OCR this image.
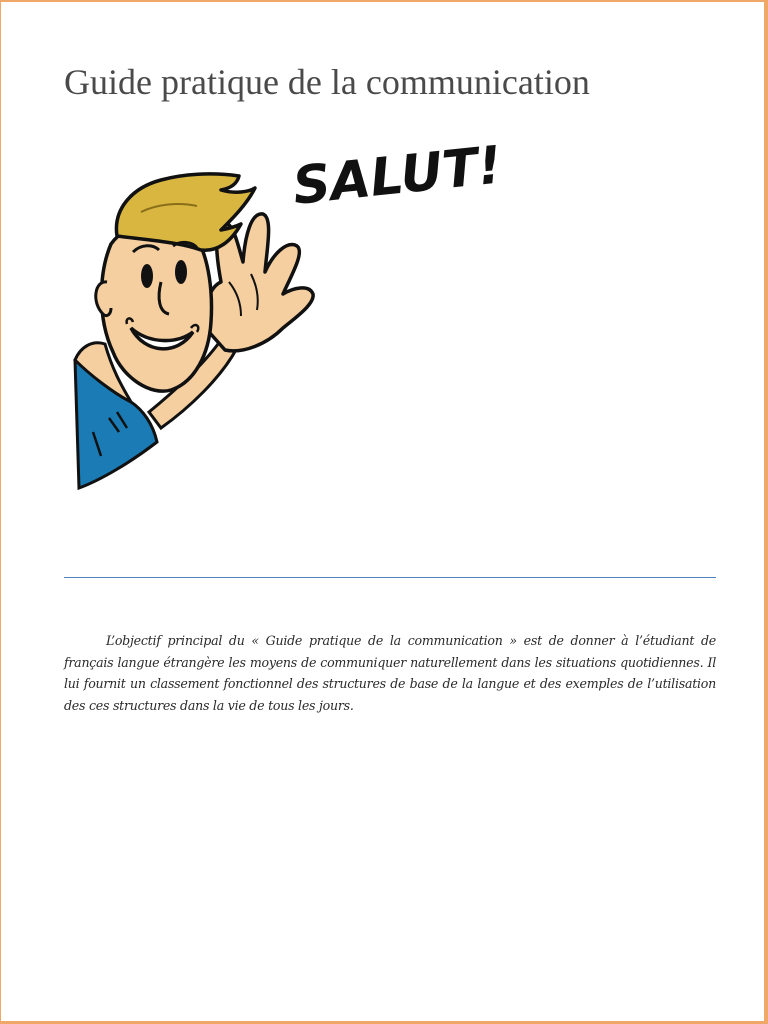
Guide pratique de la communication
SALUT!

L’objectif principal du « Guide pratique de la communication » est de donner à l’étudiant de français langue étrangère les moyens de communiquer naturellement dans les situations quotidiennes. Il lui fournit un classement fonctionnel des structures de base de la langue et des exemples de l’utilisation des ces structures dans la vie de tous les jours.
